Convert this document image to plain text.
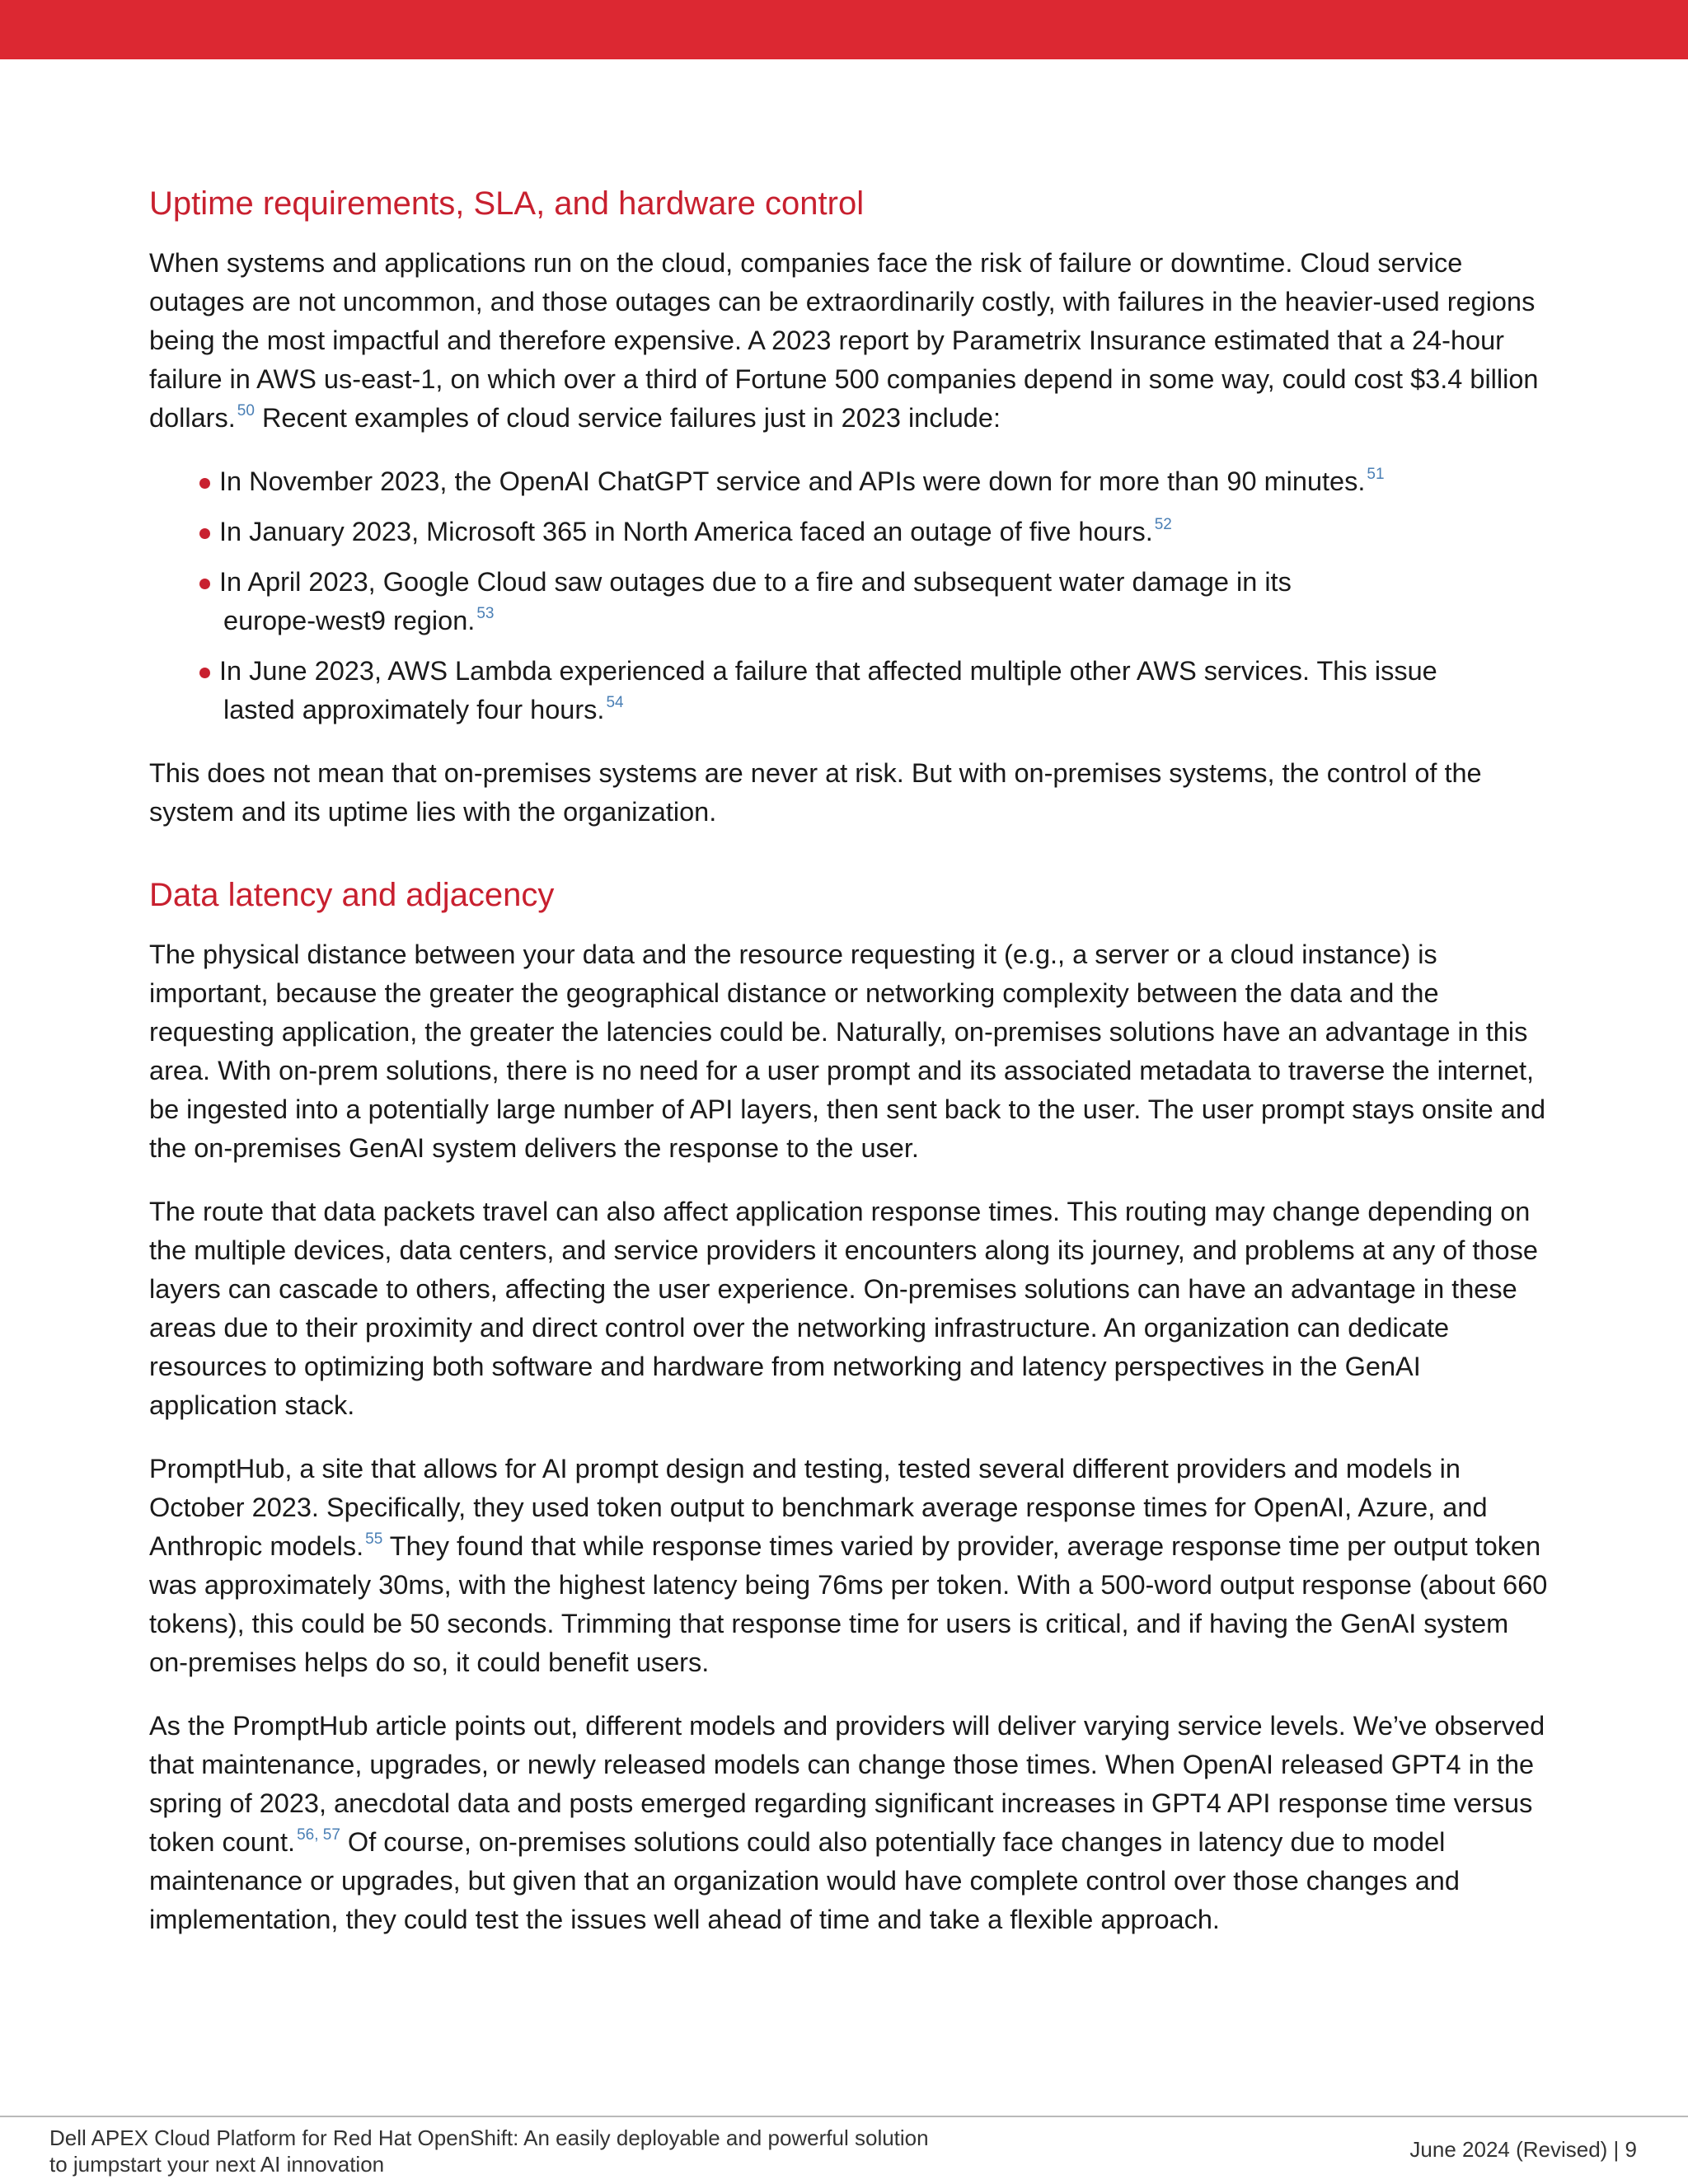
Uptime requirements, SLA, and hardware control

When systems and applications run on the cloud, companies face the risk of failure or downtime. Cloud service outages are not uncommon, and those outages can be extraordinarily costly, with failures in the heavier-used regions being the most impactful and therefore expensive. A 2023 report by Parametrix Insurance estimated that a 24-hour failure in AWS us-east-1, on which over a third of Fortune 500 companies depend in some way, could cost $3.4 billion dollars. $^{50}$ Recent examples of cloud service failures just in 2023 include:

In November 2023, the OpenAI ChatGPT service and APIs were down for more than 90 minutes. $^{51}$
In January 2023, Microsoft 365 in North America faced an outage of five hours. $^{52}$
In April 2023, Google Cloud saw outages due to a fire and subsequent water damage in its
europe-west9 region. $^{53}$
In June 2023, AWS Lambda experienced a failure that affected multiple other AWS services. This issue
lasted approximately four hours. $^{54}$

This does not mean that on-premises systems are never at risk. But with on-premises systems, the control of the system and its uptime lies with the organization.

Data latency and adjacency

The physical distance between your data and the resource requesting it (e.g., a server or a cloud instance) is important, because the greater the geographical distance or networking complexity between the data and the requesting application, the greater the latencies could be. Naturally, on-premises solutions have an advantage in this area. With on-prem solutions, there is no need for a user prompt and its associated metadata to traverse the internet, be ingested into a potentially large number of API layers, then sent back to the user. The user prompt stays onsite and the on-premises GenAI system delivers the response to the user.

The route that data packets travel can also affect application response times. This routing may change depending on the multiple devices, data centers, and service providers it encounters along its journey, and problems at any of those layers can cascade to others, affecting the user experience. On-premises solutions can have an advantage in these areas due to their proximity and direct control over the networking infrastructure. An organization can dedicate resources to optimizing both software and hardware from networking and latency perspectives in the GenAI application stack.

PromptHub, a site that allows for AI prompt design and testing, tested several different providers and models in October 2023. Specifically, they used token output to benchmark average response times for OpenAI, Azure, and Anthropic models. $^{55}$ They found that while response times varied by provider, average response time per output token was approximately 30ms, with the highest latency being 76ms per token. With a 500-word output response (about 660 tokens), this could be 50 seconds. Trimming that response time for users is critical, and if having the GenAI system on-premises helps do so, it could benefit users.

As the PromptHub article points out, different models and providers will deliver varying service levels. We’ve observed that maintenance, upgrades, or newly released models can change those times. When OpenAI released GPT4 in the spring of 2023, anecdotal data and posts emerged regarding significant increases in GPT4 API response time versus token count. $^{56, 57}$ Of course, on-premises solutions could also potentially face changes in latency due to model maintenance or upgrades, but given that an organization would have complete control over those changes and implementation, they could test the issues well ahead of time and take a flexible approach.

Dell APEX Cloud Platform for Red Hat OpenShift: An easily deployable and powerful solution
to jumpstart your next AI innovation
June 2024 (Revised) | 9
